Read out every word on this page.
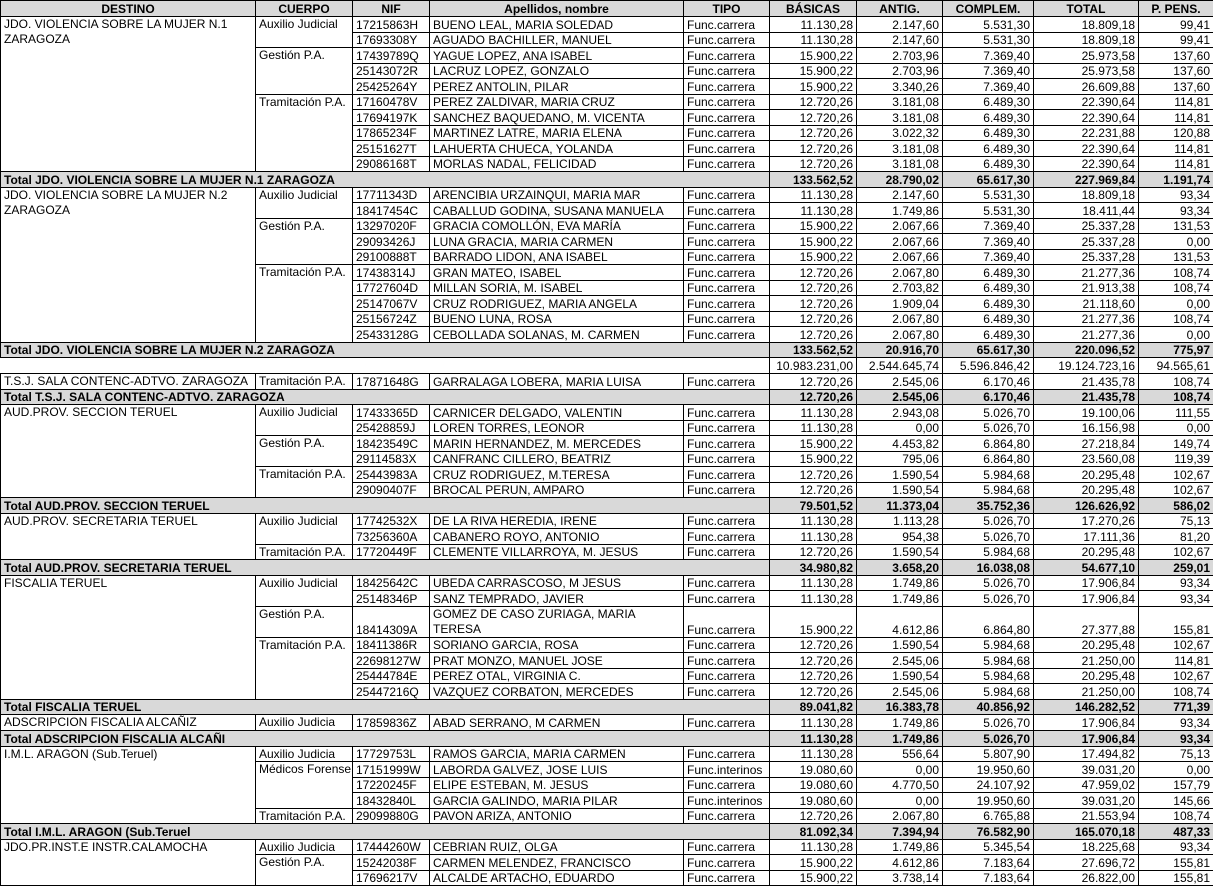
DESTINO	CUERPO	NIF	Apellidos, nombre	TIPO	BÁSICAS	ANTIG.	COMPLEM.	TOTAL	P. PENS.
JDO. VIOLENCIA SOBRE LA MUJER N.1 ZARAGOZA	Auxilio Judicial	17215863H	BUENO LEAL, MARIA SOLEDAD	Func.carrera	11.130,28	2.147,60	5.531,30	18.809,18	99,41
		17693308Y	AGUADO BACHILLER, MANUEL	Func.carrera	11.130,28	2.147,60	5.531,30	18.809,18	99,41
	Gestión P.A.	17439789Q	YAGUE LOPEZ, ANA ISABEL	Func.carrera	15.900,22	2.703,96	7.369,40	25.973,58	137,60
		25143072R	LACRUZ LOPEZ, GONZALO	Func.carrera	15.900,22	2.703,96	7.369,40	25.973,58	137,60
		25425264Y	PEREZ ANTOLIN, PILAR	Func.carrera	15.900,22	3.340,26	7.369,40	26.609,88	137,60
	Tramitación P.A.	17160478V	PEREZ ZALDIVAR, MARIA CRUZ	Func.carrera	12.720,26	3.181,08	6.489,30	22.390,64	114,81
		17694197K	SANCHEZ BAQUEDANO, M. VICENTA	Func.carrera	12.720,26	3.181,08	6.489,30	22.390,64	114,81
		17865234F	MARTINEZ LATRE, MARIA ELENA	Func.carrera	12.720,26	3.022,32	6.489,30	22.231,88	120,88
		25151627T	LAHUERTA CHUECA, YOLANDA	Func.carrera	12.720,26	3.181,08	6.489,30	22.390,64	114,81
		29086168T	MORLAS NADAL, FELICIDAD	Func.carrera	12.720,26	3.181,08	6.489,30	22.390,64	114,81
Total JDO. VIOLENCIA SOBRE LA MUJER N.1 ZARAGOZA					133.562,52	28.790,02	65.617,30	227.969,84	1.191,74
JDO. VIOLENCIA SOBRE LA MUJER N.2 ZARAGOZA	Auxilio Judicial	17711343D	ARENCIBIA URZAINQUI, MARIA MAR	Func.carrera	11.130,28	2.147,60	5.531,30	18.809,18	93,34
		18417454C	CABALLUD GODINA, SUSANA MANUELA	Func.carrera	11.130,28	1.749,86	5.531,30	18.411,44	93,34
	Gestión P.A.	13297020F	GRACIA COMOLLÓN, EVA MARÍA	Func.carrera	15.900,22	2.067,66	7.369,40	25.337,28	131,53
		29093426J	LUNA GRACIA, MARIA CARMEN	Func.carrera	15.900,22	2.067,66	7.369,40	25.337,28	0,00
		29100888T	BARRADO LIDON, ANA ISABEL	Func.carrera	15.900,22	2.067,66	7.369,40	25.337,28	131,53
	Tramitación P.A.	17438314J	GRAN MATEO, ISABEL	Func.carrera	12.720,26	2.067,80	6.489,30	21.277,36	108,74
		17727604D	MILLAN SORIA, M. ISABEL	Func.carrera	12.720,26	2.703,82	6.489,30	21.913,38	108,74
		25147067V	CRUZ RODRIGUEZ, MARIA ANGELA	Func.carrera	12.720,26	1.909,04	6.489,30	21.118,60	0,00
		25156724Z	BUENO LUNA, ROSA	Func.carrera	12.720,26	2.067,80	6.489,30	21.277,36	108,74
		25433128G	CEBOLLADA SOLANAS, M. CARMEN	Func.carrera	12.720,26	2.067,80	6.489,30	21.277,36	0,00
Total JDO. VIOLENCIA SOBRE LA MUJER N.2 ZARAGOZA					133.562,52	20.916,70	65.617,30	220.096,52	775,97
					10.983.231,00	2.544.645,74	5.596.846,42	19.124.723,16	94.565,61
T.S.J. SALA CONTENC-ADTVO. ZARAGOZA	Tramitación P.A.	17871648G	GARRALAGA LOBERA, MARIA LUISA	Func.carrera	12.720,26	2.545,06	6.170,46	21.435,78	108,74
Total T.S.J. SALA CONTENC-ADTVO. ZARAGOZA					12.720,26	2.545,06	6.170,46	21.435,78	108,74
AUD.PROV. SECCION TERUEL	Auxilio Judicial	17433365D	CARNICER DELGADO, VALENTIN	Func.carrera	11.130,28	2.943,08	5.026,70	19.100,06	111,55
		25428859J	LOREN TORRES, LEONOR	Func.carrera	11.130,28	0,00	5.026,70	16.156,98	0,00
	Gestión P.A.	18423549C	MARIN HERNANDEZ, M. MERCEDES	Func.carrera	15.900,22	4.453,82	6.864,80	27.218,84	149,74
		29114583X	CANFRANC CILLERO, BEATRIZ	Func.carrera	15.900,22	795,06	6.864,80	23.560,08	119,39
	Tramitación P.A.	25443983A	CRUZ RODRIGUEZ, M.TERESA	Func.carrera	12.720,26	1.590,54	5.984,68	20.295,48	102,67
		29090407F	BROCAL PERUN, AMPARO	Func.carrera	12.720,26	1.590,54	5.984,68	20.295,48	102,67
Total AUD.PROV. SECCION TERUEL					79.501,52	11.373,04	35.752,36	126.626,92	586,02
AUD.PROV. SECRETARIA TERUEL	Auxilio Judicial	17742532X	DE LA RIVA HEREDIA, IRENE	Func.carrera	11.130,28	1.113,28	5.026,70	17.270,26	75,13
		73256360A	CABANERO ROYO, ANTONIO	Func.carrera	11.130,28	954,38	5.026,70	17.111,36	81,20
	Tramitación P.A.	17720449F	CLEMENTE VILLARROYA, M. JESUS	Func.carrera	12.720,26	1.590,54	5.984,68	20.295,48	102,67
Total AUD.PROV. SECRETARIA TERUEL					34.980,82	3.658,20	16.038,08	54.677,10	259,01
FISCALIA TERUEL	Auxilio Judicial	18425642C	UBEDA CARRASCOSO, M JESUS	Func.carrera	11.130,28	1.749,86	5.026,70	17.906,84	93,34
		25148346P	SANZ TEMPRADO, JAVIER	Func.carrera	11.130,28	1.749,86	5.026,70	17.906,84	93,34
	Gestión P.A.	18414309A	GOMEZ DE CASO ZURIAGA, MARIA TERESA	Func.carrera	15.900,22	4.612,86	6.864,80	27.377,88	155,81
	Tramitación P.A.	18411386R	SORIANO GARCIA, ROSA	Func.carrera	12.720,26	1.590,54	5.984,68	20.295,48	102,67
		22698127W	PRAT MONZO, MANUEL JOSE	Func.carrera	12.720,26	2.545,06	5.984,68	21.250,00	114,81
		25444784E	PEREZ OTAL, VIRGINIA C.	Func.carrera	12.720,26	1.590,54	5.984,68	20.295,48	102,67
		25447216Q	VAZQUEZ CORBATON, MERCEDES	Func.carrera	12.720,26	2.545,06	5.984,68	21.250,00	108,74
Total FISCALIA TERUEL					89.041,82	16.383,78	40.856,92	146.282,52	771,39
ADSCRIPCION FISCALIA ALCAÑIZ	Auxilio Judicia	17859836Z	ABAD SERRANO, M CARMEN	Func.carrera	11.130,28	1.749,86	5.026,70	17.906,84	93,34
Total ADSCRIPCION FISCALIA ALCAÑI					11.130,28	1.749,86	5.026,70	17.906,84	93,34
I.M.L. ARAGON (Sub.Teruel)	Auxilio Judicia	17729753L	RAMOS GARCIA, MARIA CARMEN	Func.carrera	11.130,28	556,64	5.807,90	17.494,82	75,13
	Médicos Forense	17151999W	LABORDA GALVEZ, JOSE LUIS	Func.interinos	19.080,60	0,00	19.950,60	39.031,20	0,00
		17220245F	ELIPE ESTEBAN, M. JESUS	Func.carrera	19.080,60	4.770,50	24.107,92	47.959,02	157,79
		18432840L	GARCIA GALINDO, MARIA PILAR	Func.interinos	19.080,60	0,00	19.950,60	39.031,20	145,66
	Tramitación P.A.	29099880G	PAVON ARIZA, ANTONIO	Func.carrera	12.720,26	2.067,80	6.765,88	21.553,94	108,74
Total I.M.L. ARAGON (Sub.Teruel					81.092,34	7.394,94	76.582,90	165.070,18	487,33
JDO.PR.INST.E INSTR.CALAMOCHA	Auxilio Judicia	17444260W	CEBRIAN RUIZ, OLGA	Func.carrera	11.130,28	1.749,86	5.345,54	18.225,68	93,34
	Gestión P.A.	15242038F	CARMEN MELENDEZ, FRANCISCO	Func.carrera	15.900,22	4.612,86	7.183,64	27.696,72	155,81
		17696217V	ALCALDE ARTACHO, EDUARDO	Func.carrera	15.900,22	3.738,14	7.183,64	26.822,00	155,81
